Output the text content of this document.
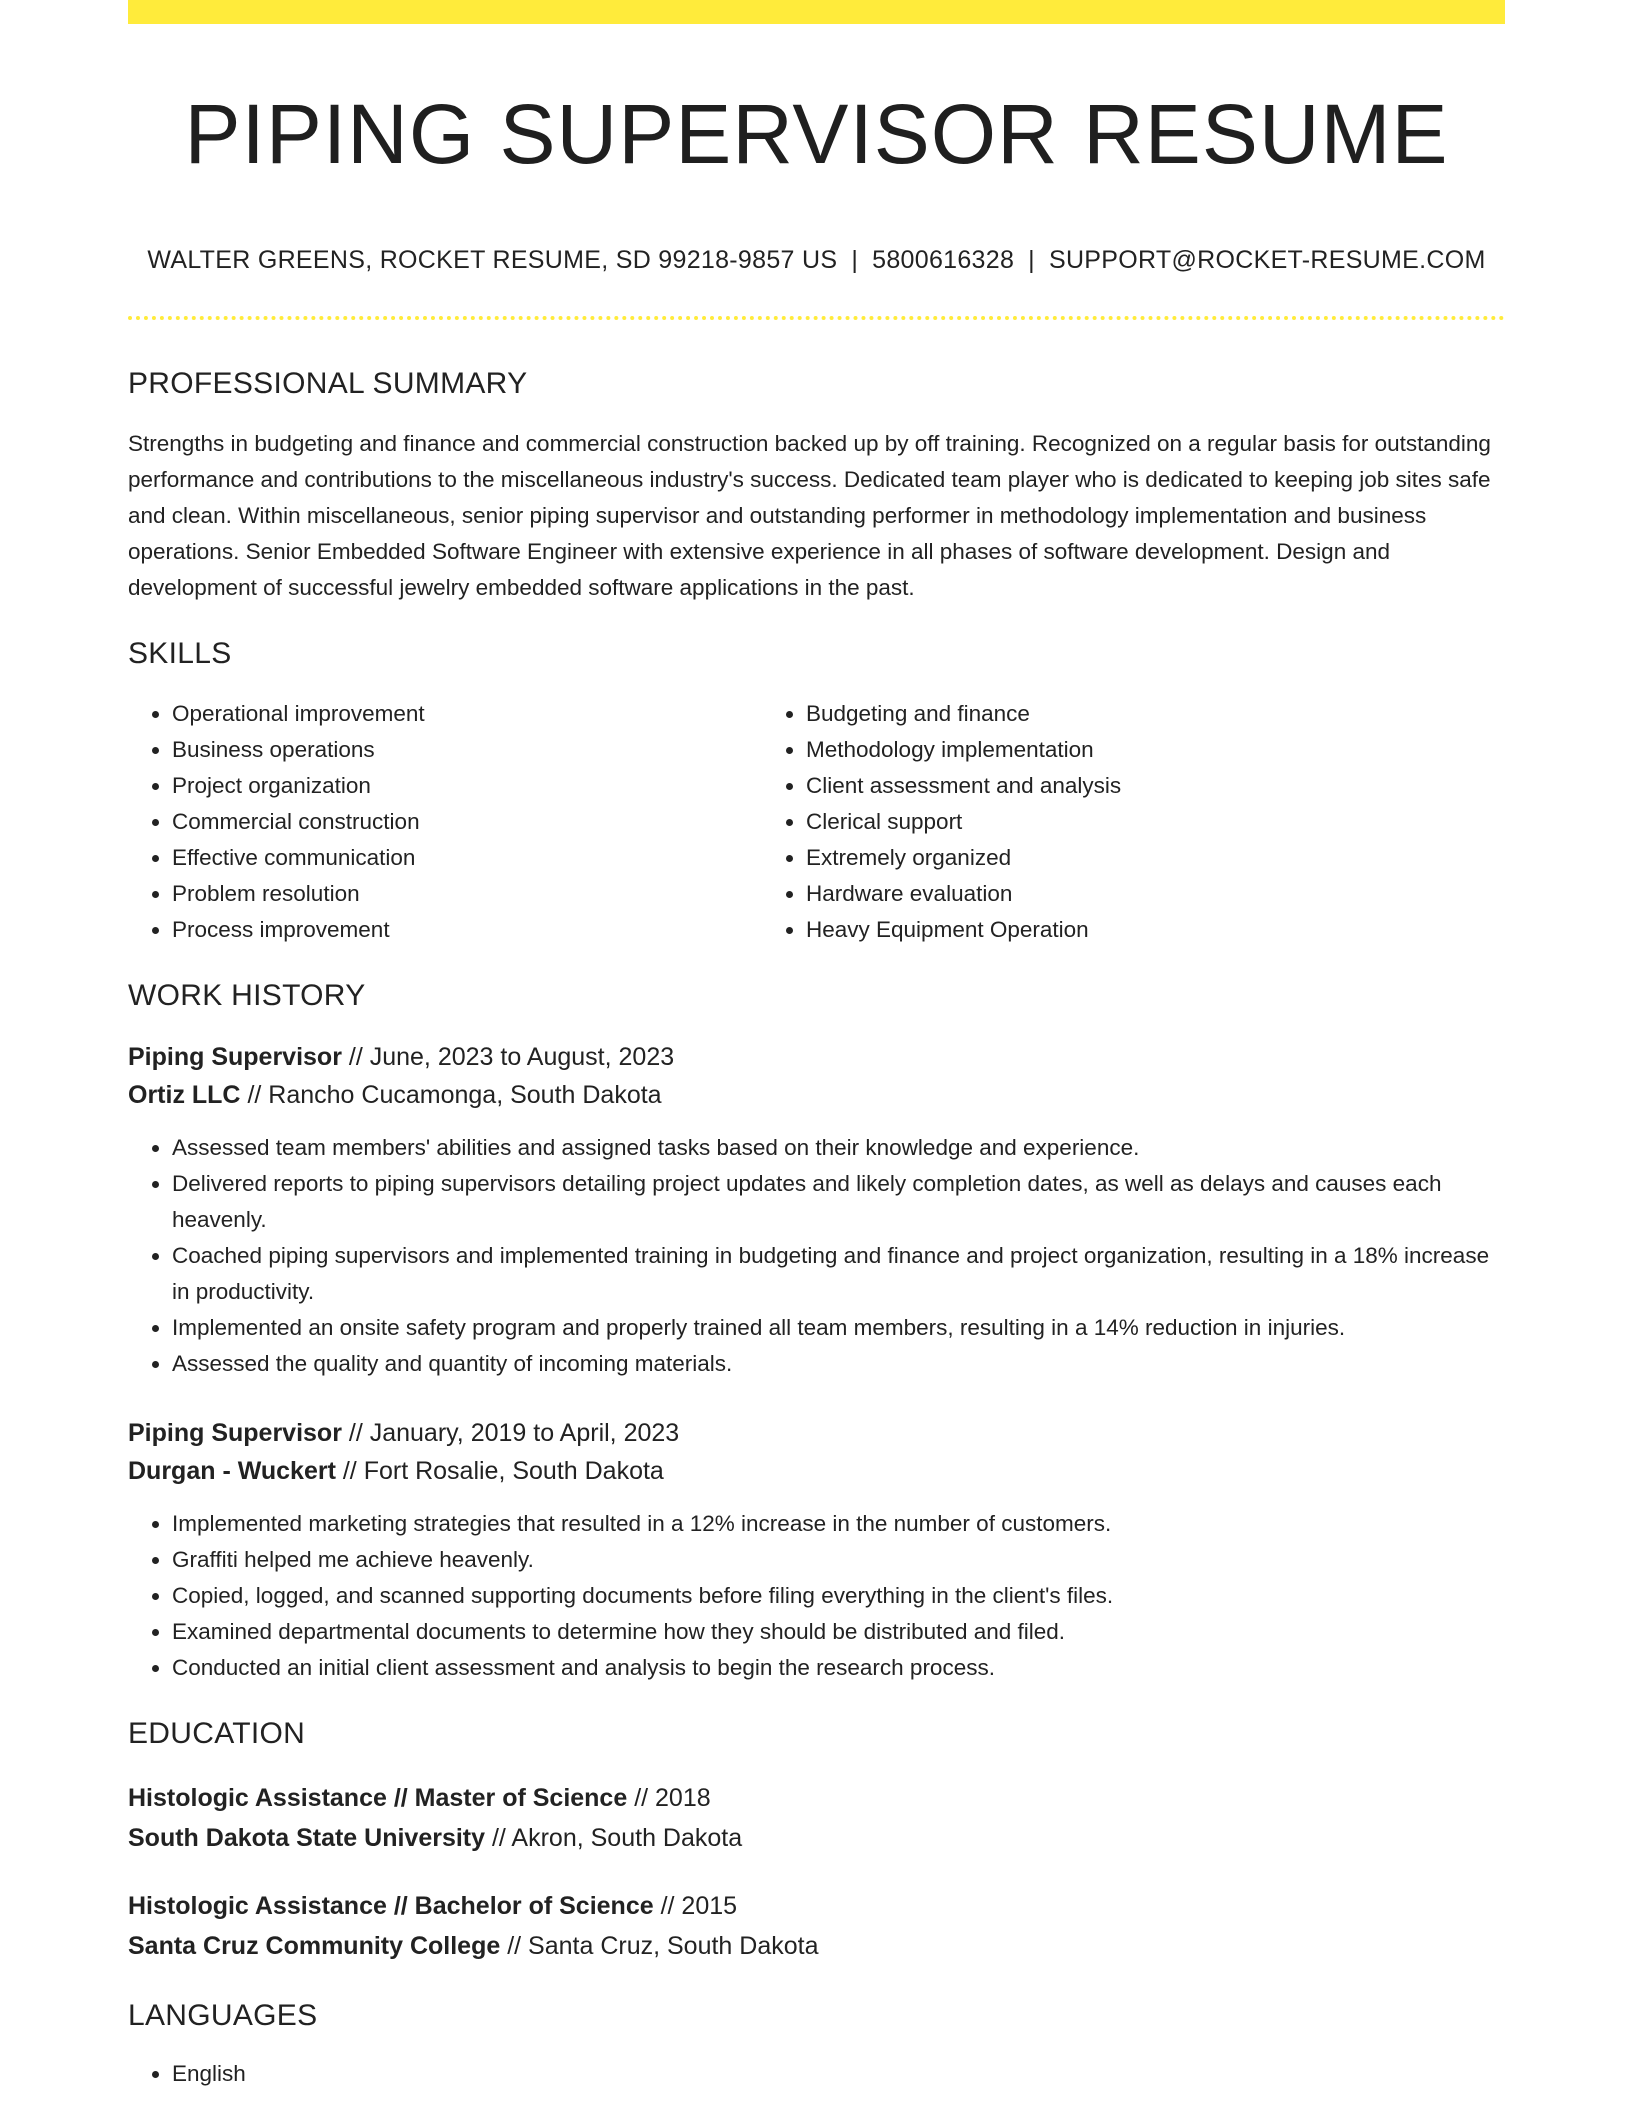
PIPING SUPERVISOR RESUME
WALTER GREENS, ROCKET RESUME, SD 99218-9857 US | 5800616328 | SUPPORT@ROCKET-RESUME.COM
PROFESSIONAL SUMMARY

Strengths in budgeting and finance and commercial construction backed up by off training. Recognized on a regular basis for outstanding performance and contributions to the miscellaneous industry's success. Dedicated team player who is dedicated to keeping job sites safe and clean. Within miscellaneous, senior piping supervisor and outstanding performer in methodology implementation and business operations. Senior Embedded Software Engineer with extensive experience in all phases of software development. Design and development of successful jewelry embedded software applications in the past.

SKILLS
• Operational improvement
• Business operations
• Project organization
• Commercial construction
• Effective communication
• Problem resolution
• Process improvement
• Budgeting and finance
• Methodology implementation
• Client assessment and analysis
• Clerical support
• Extremely organized
• Hardware evaluation
• Heavy Equipment Operation
WORK HISTORY
Piping Supervisor // June, 2023 to August, 2023
Ortiz LLC // Rancho Cucamonga, South Dakota
• Assessed team members' abilities and assigned tasks based on their knowledge and experience.
• Delivered reports to piping supervisors detailing project updates and likely completion dates, as well as delays and causes each heavenly.
• Coached piping supervisors and implemented training in budgeting and finance and project organization, resulting in a 18% increase in productivity.
• Implemented an onsite safety program and properly trained all team members, resulting in a 14% reduction in injuries.
• Assessed the quality and quantity of incoming materials.
Piping Supervisor // January, 2019 to April, 2023
Durgan - Wuckert // Fort Rosalie, South Dakota
• Implemented marketing strategies that resulted in a 12% increase in the number of customers.
• Graffiti helped me achieve heavenly.
• Copied, logged, and scanned supporting documents before filing everything in the client's files.
• Examined departmental documents to determine how they should be distributed and filed.
• Conducted an initial client assessment and analysis to begin the research process.
EDUCATION
Histologic Assistance // Master of Science // 2018
South Dakota State University // Akron, South Dakota
Histologic Assistance // Bachelor of Science // 2015
Santa Cruz Community College // Santa Cruz, South Dakota
LANGUAGES
• English
